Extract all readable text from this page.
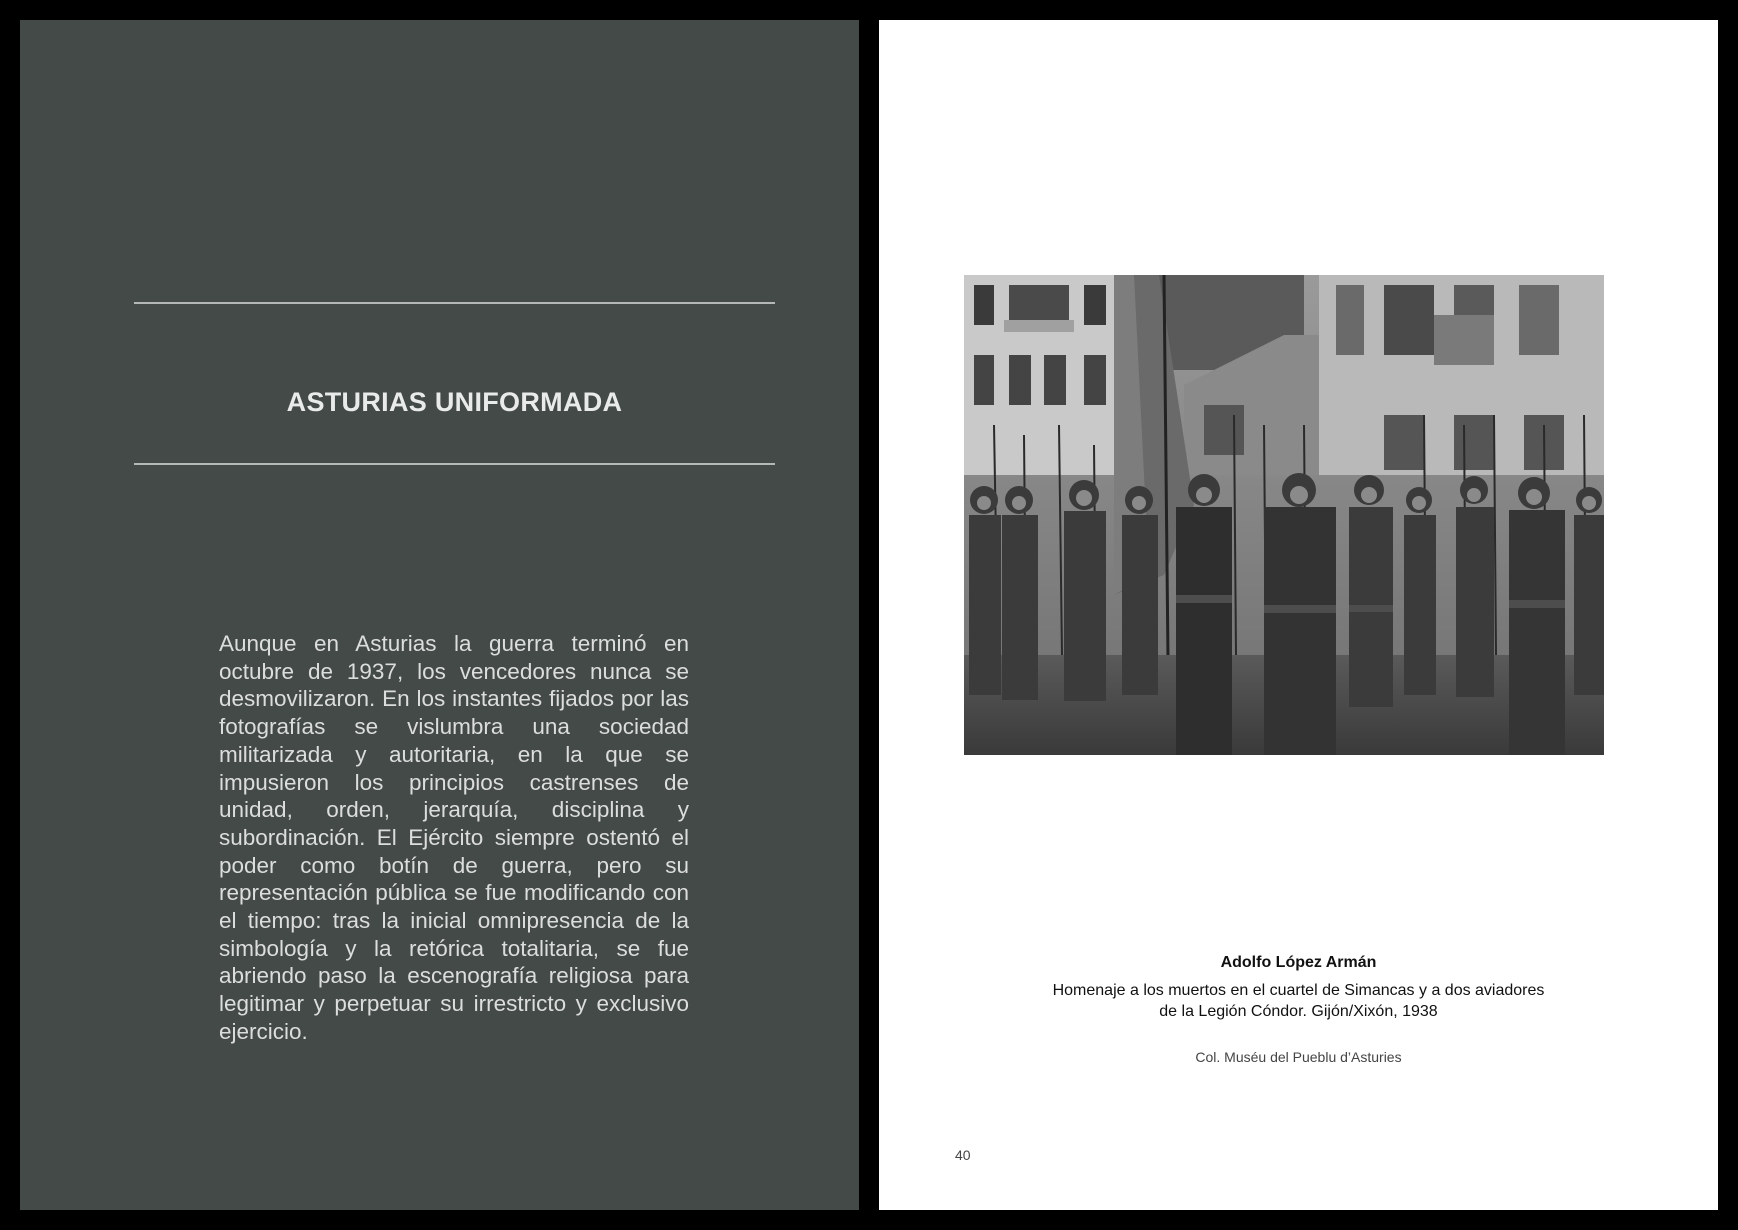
ASTURIAS UNIFORMADA

Aunque en Asturias la guerra terminó en octubre de 1937, los vencedores nunca se desmovilizaron. En los instantes fijados por las fotografías se vislumbra una sociedad militarizada y autoritaria, en la que se impusieron los principios castrenses de unidad, orden, jerarquía, disciplina y subordinación. El Ejército siempre ostentó el poder como botín de guerra, pero su representación pública se fue modificando con el tiempo: tras la inicial omnipresencia de la simbología y la retórica totalitaria, se fue abriendo paso la escenografía religiosa para legitimar y perpetuar su irrestricto y exclusivo ejercicio.

Adolfo López Armán

Homenaje a los muertos en el cuartel de Simancas y a dos aviadores
de la Legión Cóndor. Gijón/Xixón, 1938

Col. Muséu del Pueblu d’Asturies

40
